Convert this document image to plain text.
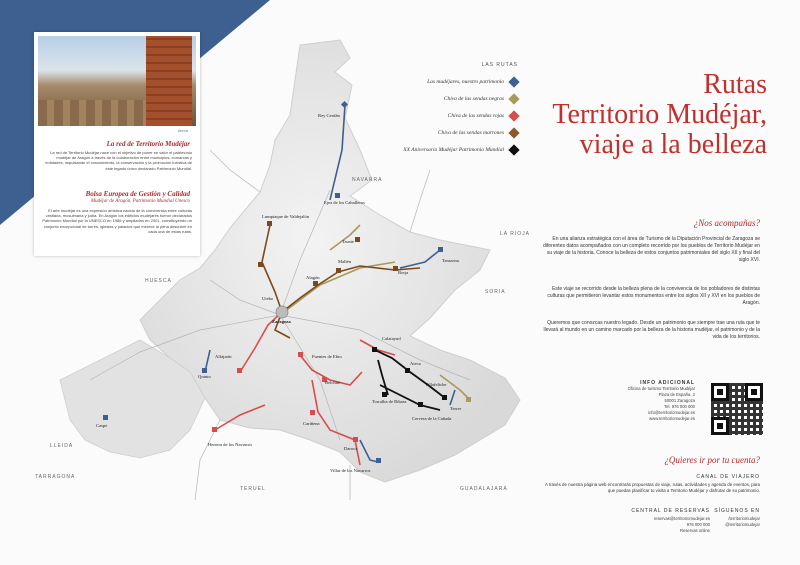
Ateca
La red de Territorio Mudéjar
La red de Territorio Mudéjar nace con el objetivo de poner en valor el patrimonio mudéjar de Aragón a través de la colaboración entre municipios, comarcas y entidades, impulsando el conocimiento, la conservación y la promoción turística de este legado único declarado Patrimonio Mundial.
Bolsa Europea de Gestión y Calidad
Mudéjar de Aragón, Patrimonio Mundial Unesco
El arte mudéjar es una expresión artística nacida de la convivencia entre culturas cristiana, musulmana y judía. En Aragón los edificios mudéjares fueron declarados Patrimonio Mundial por la UNESCO en 1986 y ampliados en 2001, constituyendo un conjunto excepcional de torres, iglesias y palacios que merece la pena descubrir en cada una de estas rutas.
NAVARRA
LA RIOJA
HUESCA
SORIA
LLEIDA
TARRAGONA
TERUEL	GUADALAJARA
Rey Cerdán
Ejea de los Caballeros
Tauste
Lumpiaque de Valdejalón
Alagón
Mallén
Borja
Tarazona
Zaragoza
Utebo
Alfajarín
Quinto
Caspe
Fuentes de Ebro
Belchite
Calatayud
Ateca
Daroca
Cariñena
Villafeliche
Herrera de los Navarros
Torralba de Ribota
Cervera de la Cañada
Terrer
Villar de los Navarros
LAS RUTAS
Las mudéjares, nuestro patrimonio
Chiva de las sendas negras
Chiva de las sendas rojas
Chiva de las sendas marrones
XX Aniversario Mudéjar Patrimonio Mundial
Rutas
Territorio Mudéjar,
viaje a la belleza
¿Nos acompañas?
En una alianza estratégica con el área de Turismo de la Diputación Provincial de Zaragoza se diferentes datos acompañados con un completo recorrido por los pueblos de Territorio Mudéjar en su viaje de la historia. Conoce la belleza de estos conjuntos patrimoniales del siglo XII y final del siglo XVI.
Este viaje se recorrido desde la belleza plena de la convivencia de los pobladores de distintas culturas que permitieron levantar estos monumentos entre los siglos XII y XVI en los pueblos de Aragón.
Queremos que conozcas nuestro legado. Desde un patrimonio que siempre trae una ruta que te llevará al mundo en un camino marcado por la belleza de la historia mudéjar, el patrimonio y de la vida de los territorios.
INFO ADICIONAL
Oficina de turismo Territorio Mudéjar
Plaza de España, 2
50001 Zaragoza
Tel. 976 000 000
info@territoriomudejar.es
www.territoriomudejar.es
¿Quieres ir por tu cuenta?
CANAL DE VIAJERO
A través de nuestra página web encontrarás propuestas de viaje, rutas, actividades y agenda de eventos, para que puedas planificar tu visita a Territorio Mudéjar y disfrutar de su patrimonio.
CENTRAL DE RESERVAS
reservas@territoriomudejar.es
976 000 000
Reservas online
SÍGUENOS EN
/territoriomudejar
@territoriomudejar
